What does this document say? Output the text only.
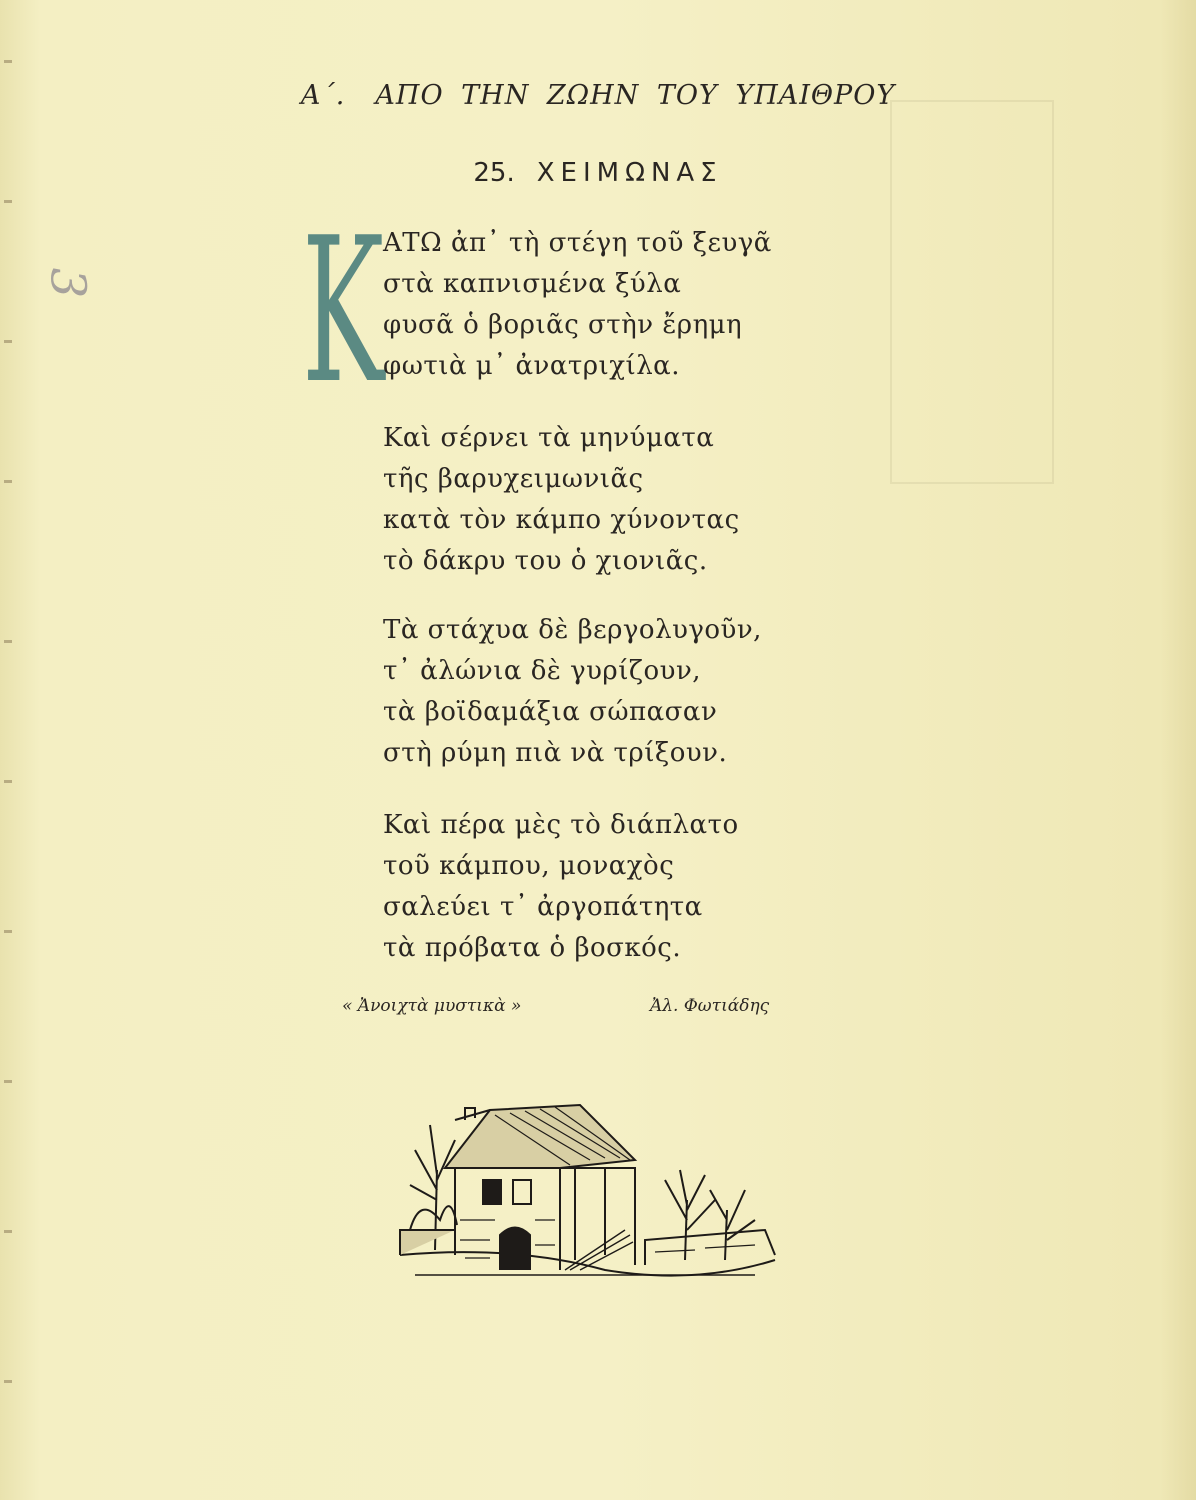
3
Α΄. ΑΠΟ ΤΗΝ ΖΩΗΝ ΤΟΥ ΥΠΑΙΘΡΟΥ
25. ΧΕΙΜΩΝΑΣ
Κ
ΑΤΩ ἀπ᾽ τὴ στέγη τοῦ ξευγᾶ
στὰ καπνισμένα ξύλα
φυσᾶ ὁ βοριᾶς στὴν ἔρημη
φωτιὰ μ᾽ ἀνατριχίλα.
Καὶ σέρνει τὰ μηνύματα
τῆς βαρυχειμωνιᾶς
κατὰ τὸν κάμπο χύνοντας
τὸ δάκρυ του ὁ χιονιᾶς.
Τὰ στάχυα δὲ βεργολυγοῦν,
τ᾽ ἀλώνια δὲ γυρίζουν,
τὰ βοϊδαμάξια σώπασαν
στὴ ρύμη πιὰ νὰ τρίξουν.
Καὶ πέρα μὲς τὸ διάπλατο
τοῦ κάμπου, μοναχὸς
σαλεύει τ᾽ ἀργοπάτητα
τὰ πρόβατα ὁ βοσκός.
« Ἀνοιχτὰ μυστικὰ »	Ἀλ. Φωτιάδης
